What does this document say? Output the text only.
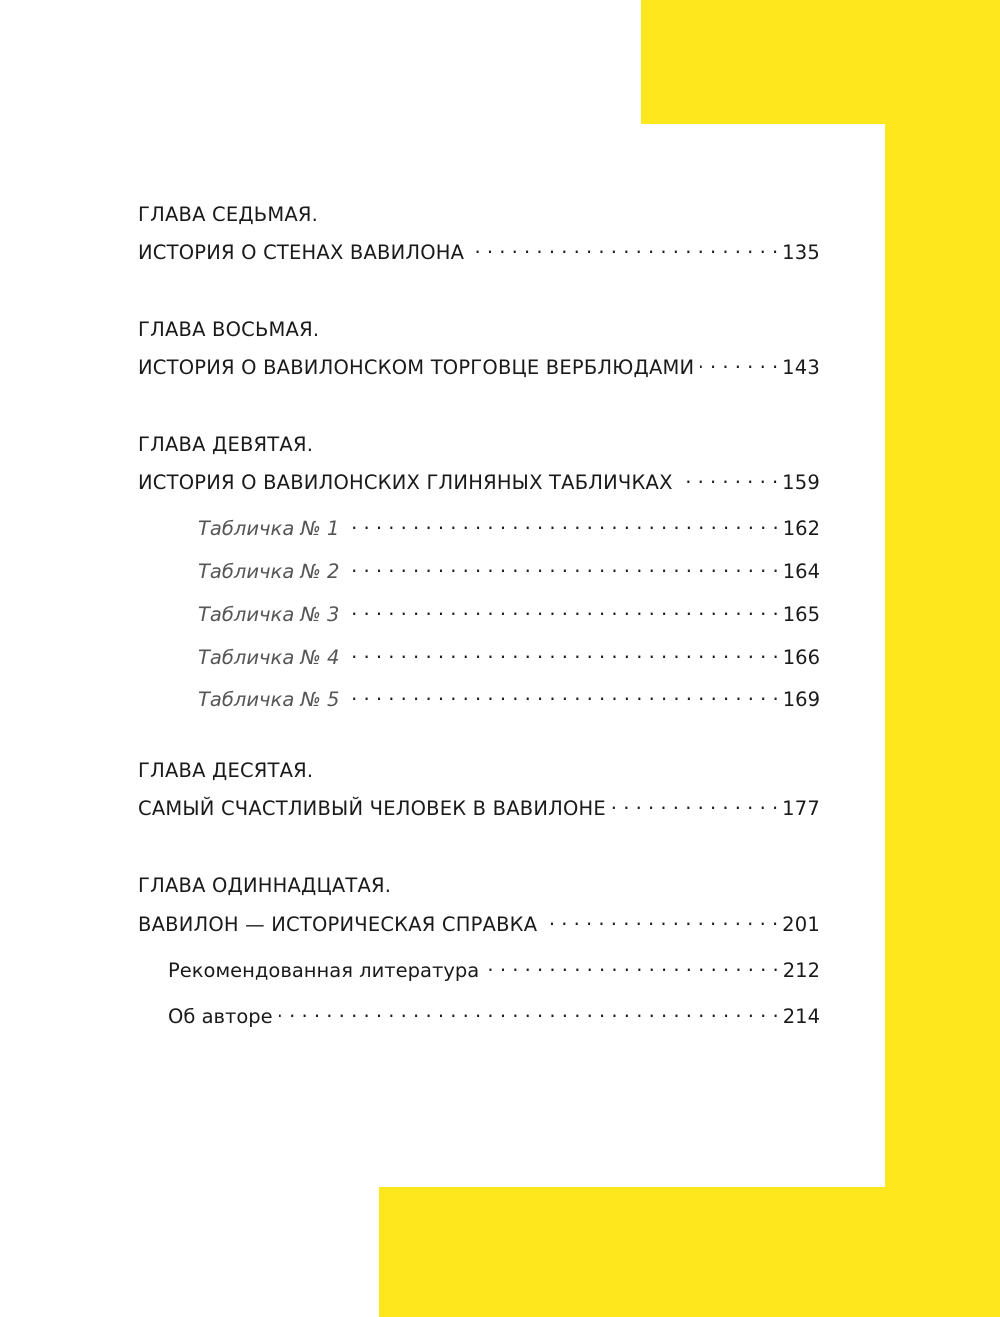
ГЛАВА СЕДЬМАЯ.
ИСТОРИЯ О СТЕНАХ ВАВИЛОНА . . .	135
ГЛАВА ВОСЬМАЯ.
ИСТОРИЯ О ВАВИЛОНСКОМ ТОРГОВЦЕ ВЕРБЛЮДАМИ . . .	143
ГЛАВА ДЕВЯТАЯ.
ИСТОРИЯ О ВАВИЛОНСКИХ ГЛИНЯНЫХ ТАБЛИЧКАХ . . .	159
Табличка № 1 . . .	162
Табличка № 2 . . .	164
Табличка № 3 . . .	165
Табличка № 4 . . .	166
Табличка № 5 . . .	169
ГЛАВА ДЕСЯТАЯ.
САМЫЙ СЧАСТЛИВЫЙ ЧЕЛОВЕК В ВАВИЛОНЕ . . .	177
ГЛАВА ОДИННАДЦАТАЯ.
ВАВИЛОН — ИСТОРИЧЕСКАЯ СПРАВКА . . .	201
Рекомендованная литература . . .	212
Об авторе . . .	214
